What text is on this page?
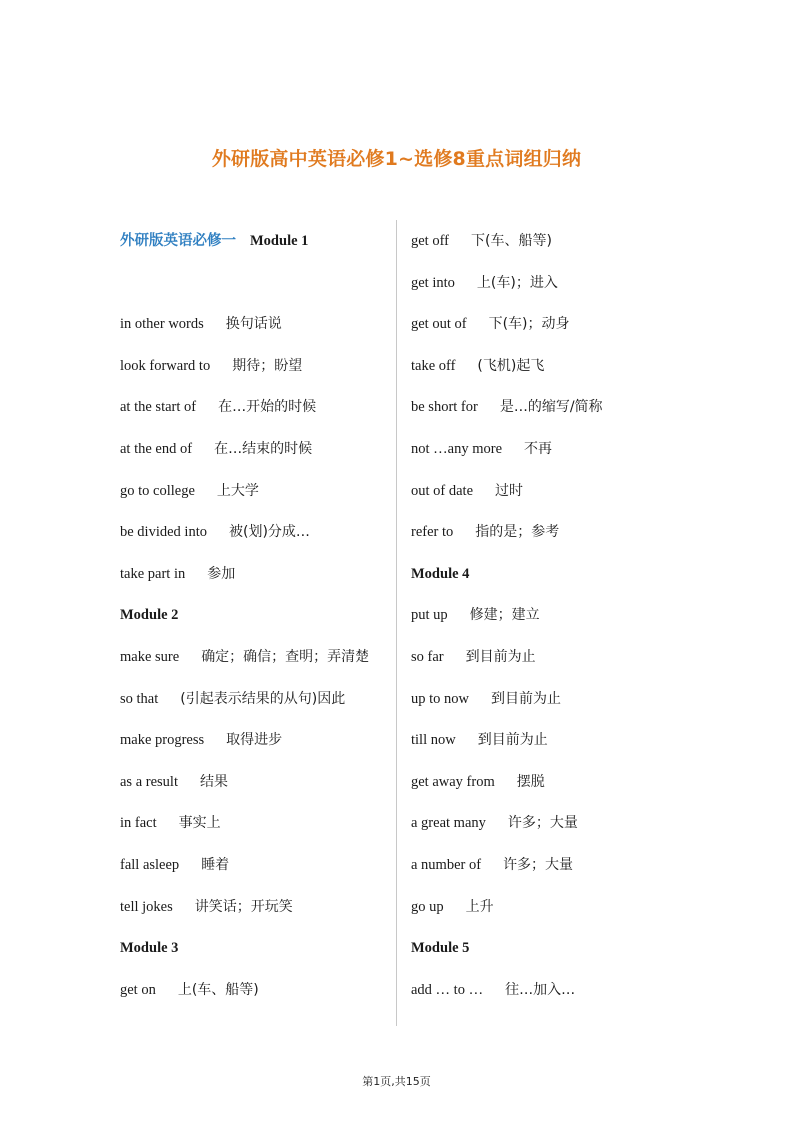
外研版高中英语必修1~选修8重点词组归纳
外研版英语必修一 Module 1
in other words 换句话说
look forward to 期待；盼望
at the start of 在…开始的时候
at the end of 在…结束的时候
go to college 上大学
be divided into 被(划)分成…
take part in 参加
Module 2
make sure 确定；确信；查明；弄清楚
so that (引起表示结果的从句)因此
make progress 取得进步
as a result 结果
in fact 事实上
fall asleep 睡着
tell jokes 讲笑话；开玩笑
Module 3
get on 上(车、船等)
get off 下(车、船等)
get into 上(车)；进入
get out of 下(车)；动身
take off (飞机)起飞
be short for 是…的缩写/简称
not …any more 不再
out of date 过时
refer to 指的是；参考
Module 4
put up 修建；建立
so far 到目前为止
up to now 到目前为止
till now 到目前为止
get away from 摆脱
a great many 许多；大量
a number of 许多；大量
go up 上升
Module 5
add … to … 往…加入…
第1页,共15页
